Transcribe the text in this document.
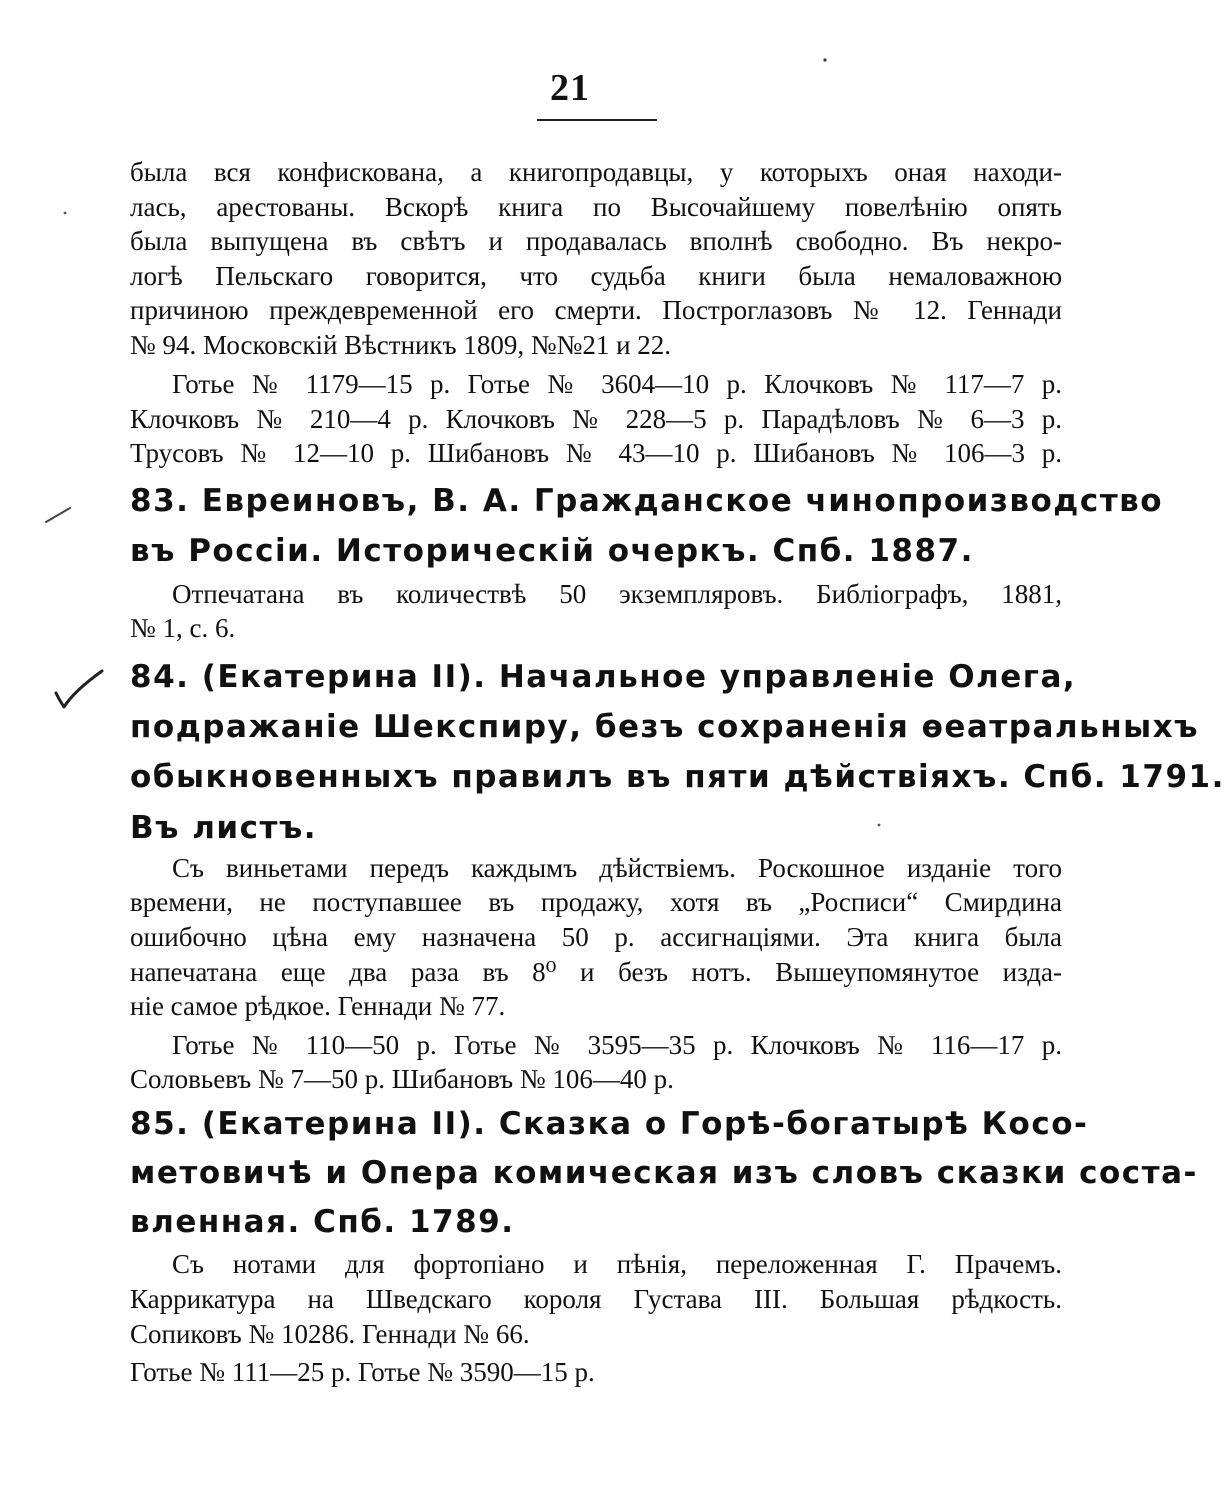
21
была вся конфискована, а книгопродавцы, у которыхъ оная находи-
лась, арестованы. Вскорѣ книга по Высочайшему повелѣнію опять
была выпущена въ свѣтъ и продавалась вполнѣ свободно. Въ некро-
логѣ Пельскаго говорится, что судьба книги была немаловажною
причиною преждевременной его смерти. Построглазовъ № 12. Геннади
№ 94. Московскій Вѣстникъ 1809, №№21 и 22.
Готье № 1179—15 р. Готье № 3604—10 р. Клочковъ № 117—7 р.
Клочковъ № 210—4 р. Клочковъ № 228—5 р. Парадѣловъ № 6—3 р.
Трусовъ № 12—10 р. Шибановъ № 43—10 р. Шибановъ № 106—3 р.
83. Евреиновъ, В. А. Гражданское чинопроизводство
въ Россіи. Историческій очеркъ. Спб. 1887.
Отпечатана въ количествѣ 50 экземпляровъ. Библіографъ, 1881,
№ 1, с. 6.
84. (Екатерина II). Начальное управленіе Олега,
подражаніе Шекспиру, безъ сохраненія ѳеатральныхъ
обыкновенныхъ правилъ въ пяти дѣйствіяхъ. Спб. 1791.
Въ листъ.
Съ виньетами передъ каждымъ дѣйствіемъ. Роскошное изданіе того
времени, не поступавшее въ продажу, хотя въ „Росписи“ Смирдина
ошибочно цѣна ему назначена 50 р. ассигнаціями. Эта книга была
напечатана еще два раза въ 8⁰ и безъ нотъ. Вышеупомянутое изда-
ніе самое рѣдкое. Геннади № 77.
Готье № 110—50 р. Готье № 3595—35 р. Клочковъ № 116—17 р.
Соловьевъ № 7—50 р. Шибановъ № 106—40 р.
85. (Екатерина II). Сказка о Горѣ-богатырѣ Косо-
метовичѣ и Опера комическая изъ словъ сказки соста-
вленная. Спб. 1789.
Съ нотами для фортопіано и пѣнія, переложенная Г. Прачемъ.
Каррикатура на Шведскаго короля Густава III. Большая рѣдкость.
Сопиковъ № 10286. Геннади № 66.
Готье № 111—25 р. Готье № 3590—15 р.
